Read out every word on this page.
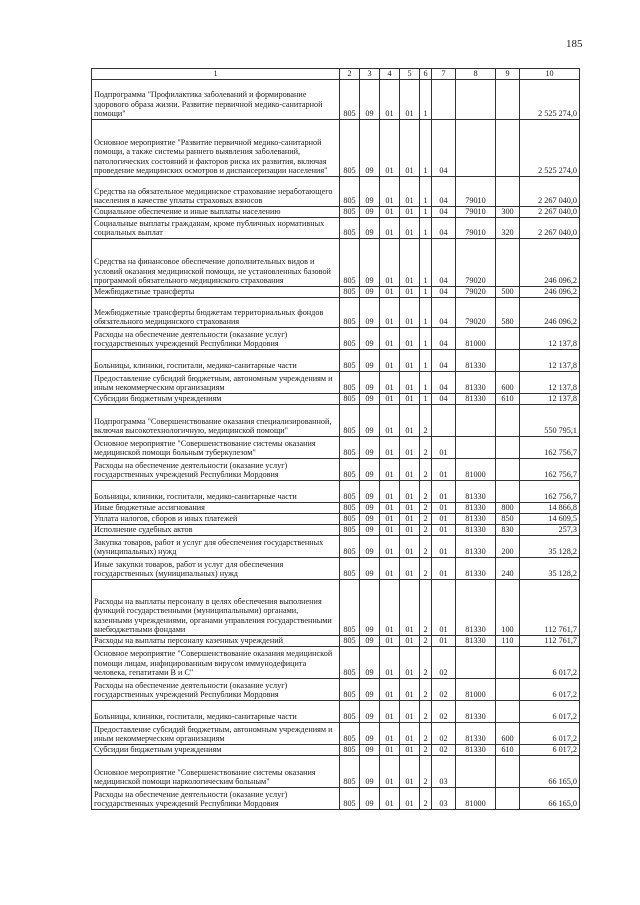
185
1	2	3	4	5	6	7	8	9	10
Подпрограмма "Профилактика заболеваний и формирование здорового образа жизни. Развитие первичной медико-санитарной помощи"	805	09	01	01	1				2 525 274,0
Основное мероприятие "Развитие первичной медико-санитарной помощи, а также системы раннего выявления заболеваний, патологических состояний и факторов риска их развития, включая проведение медицинских осмотров и диспансеризации населения"	805	09	01	01	1	04			2 525 274,0
Средства на обязательное медицинское страхование неработающего населения в качестве уплаты страховых взносов	805	09	01	01	1	04	79010		2 267 040,0
Социальное обеспечение и иные выплаты населению	805	09	01	01	1	04	79010	300	2 267 040,0
Социальные выплаты гражданам, кроме публичных нормативных социальных выплат	805	09	01	01	1	04	79010	320	2 267 040,0
Средства на финансовое обеспечение дополнительных видов и условий оказания медицинской помощи, не установленных базовой программой обязательного медицинского страхования	805	09	01	01	1	04	79020		246 096,2
Межбюджетные трансферты	805	09	01	01	1	04	79020	500	246 096,2
Межбюджетные трансферты бюджетам территориальных фондов обязательного медицинского страхования	805	09	01	01	1	04	79020	580	246 096,2
Расходы на обеспечение деятельности (оказание услуг) государственных учреждений Республики Мордовия	805	09	01	01	1	04	81000		12 137,8
Больницы, клиники, госпитали, медико-санитарные части	805	09	01	01	1	04	81330		12 137,8
Предоставление субсидий бюджетным, автономным учреждениям и иным некоммерческим организациям	805	09	01	01	1	04	81330	600	12 137,8
Субсидии бюджетным учреждениям	805	09	01	01	1	04	81330	610	12 137,8
Подпрограмма "Совершенствование оказания специализированной, включая высокотехнологичную, медицинской помощи"	805	09	01	01	2				550 795,1
Основное мероприятие "Совершенствование системы оказания медицинской помощи больным туберкулезом"	805	09	01	01	2	01			162 756,7
Расходы на обеспечение деятельности (оказание услуг) государственных учреждений Республики Мордовия	805	09	01	01	2	01	81000		162 756,7
Больницы, клиники, госпитали, медико-санитарные части	805	09	01	01	2	01	81330		162 756,7
Иные бюджетные ассигнования	805	09	01	01	2	01	81330	800	14 866,8
Уплата налогов, сборов и иных платежей	805	09	01	01	2	01	81330	850	14 609,5
Исполнение судебных актов	805	09	01	01	2	01	81330	830	257,3
Закупка товаров, работ и услуг для обеспечения государственных (муниципальных) нужд	805	09	01	01	2	01	81330	200	35 128,2
Иные закупки товаров, работ и услуг для обеспечения государственных (муниципальных) нужд	805	09	01	01	2	01	81330	240	35 128,2
Расходы на выплаты персоналу в целях обеспечения выполнения функций государственными (муниципальными) органами, казенными учреждениями, органами управления государственными внебюджетными фондами	805	09	01	01	2	01	81330	100	112 761,7
Расходы на выплаты персоналу казенных учреждений	805	09	01	01	2	01	81330	110	112 761,7
Основное мероприятие "Совершенствование оказания медицинской помощи лицам, инфицированным вирусом иммунодефицита человека, гепатитами В и С"	805	09	01	01	2	02			6 017,2
Расходы на обеспечение деятельности (оказание услуг) государственных учреждений Республики Мордовия	805	09	01	01	2	02	81000		6 017,2
Больницы, клиники, госпитали, медико-санитарные части	805	09	01	01	2	02	81330		6 017,2
Предоставление субсидий бюджетным, автономным учреждениям и иным некоммерческим организациям	805	09	01	01	2	02	81330	600	6 017,2
Субсидии бюджетным учреждениям	805	09	01	01	2	02	81330	610	6 017,2
Основное мероприятие "Совершенствование системы оказания медицинской помощи наркологическим больным"	805	09	01	01	2	03			66 165,0
Расходы на обеспечение деятельности (оказание услуг) государственных учреждений Республики Мордовия	805	09	01	01	2	03	81000		66 165,0
